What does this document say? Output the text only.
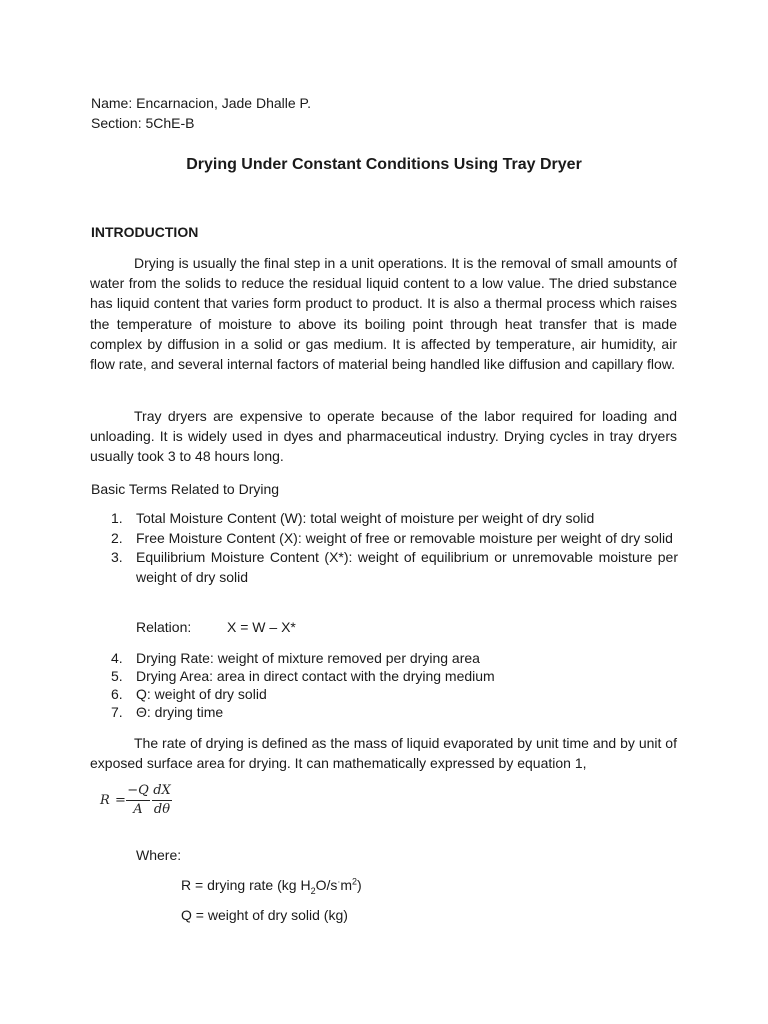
Name: Encarnacion, Jade Dhalle P.
Section: 5ChE-B
Drying Under Constant Conditions Using Tray Dryer
INTRODUCTION

Drying is usually the final step in a unit operations. It is the removal of small amounts of water from the solids to reduce the residual liquid content to a low value. The dried substance has liquid content that varies form product to product. It is also a thermal process which raises the temperature of moisture to above its boiling point through heat transfer that is made complex by diffusion in a solid or gas medium. It is affected by temperature, air humidity, air flow rate, and several internal factors of material being handled like diffusion and capillary flow.

Tray dryers are expensive to operate because of the labor required for loading and unloading. It is widely used in dyes and pharmaceutical industry. Drying cycles in tray dryers usually took 3 to 48 hours long.

Basic Terms Related to Drying
1. Total Moisture Content (W): total weight of moisture per weight of dry solid
2. Free Moisture Content (X): weight of free or removable moisture per weight of dry solid
3. Equilibrium Moisture Content (X*): weight of equilibrium or unremovable moisture per weight of dry solid
Relation:	X = W – X*
4. Drying Rate: weight of mixture removed per drying area
5. Drying Area: area in direct contact with the drying medium
6. Q: weight of dry solid
7. Θ: drying time

The rate of drying is defined as the mass of liquid evaporated by unit time and by unit of exposed surface area for drying. It can mathematically expressed by equation 1,

R =
−Q
A
dX
dθ
Where:
R = drying rate (kg $H_2O/s^\cdot m^2$)
Q = weight of dry solid (kg)
